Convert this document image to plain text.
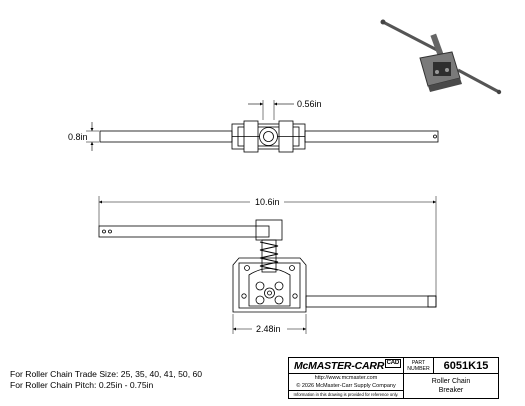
0.56in
0.8in
10.6in
2.48in
For Roller Chain Trade Size: 25, 35, 40, 41, 50, 60
For Roller Chain Pitch: 0.25in - 0.75in
McMASTER-CARR CAD
http://www.mcmaster.com
© 2026 McMaster-Carr Supply Company
Information in this drawing is provided for reference only.
PART
NUMBER	6051K15
Roller Chain
Breaker
